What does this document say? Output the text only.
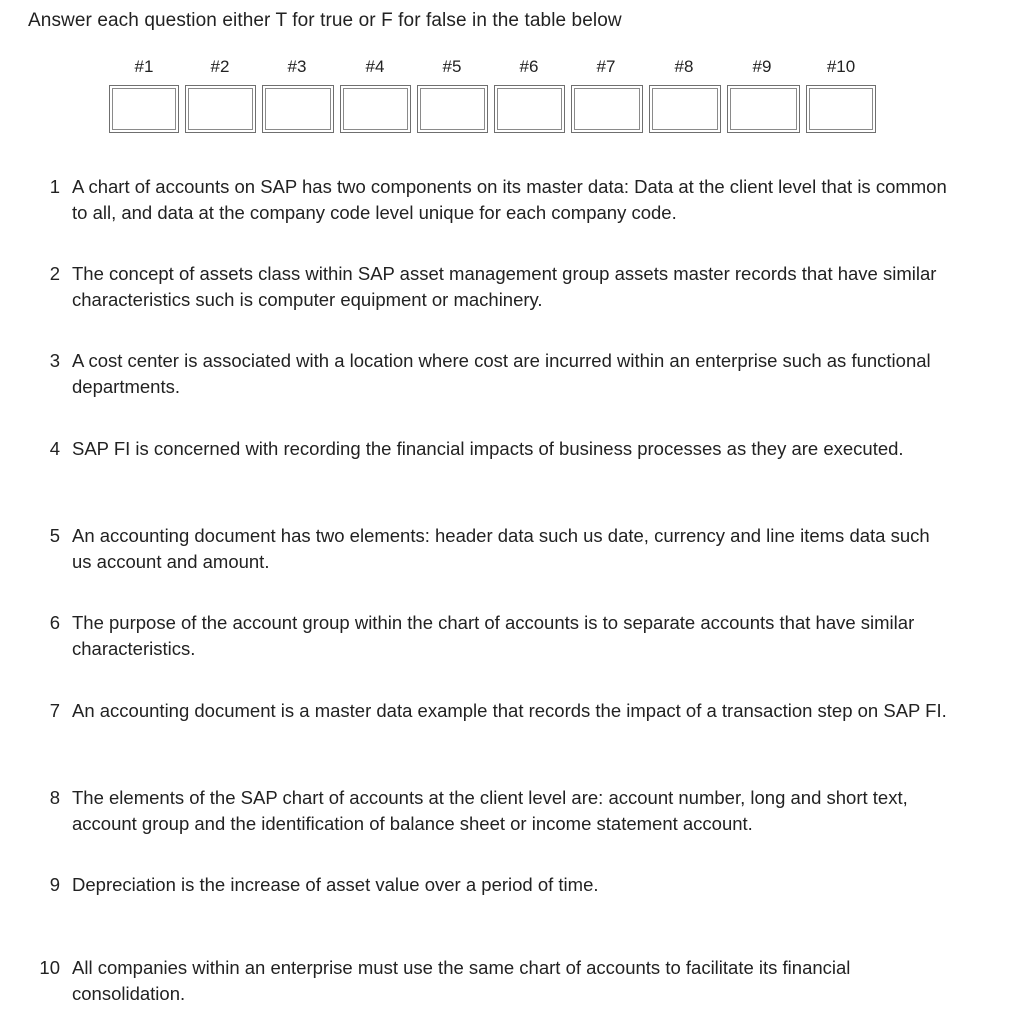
Answer each question either T for true or F for false in the table below
#1	#2	#3	#4	#5	#6	#7	#8	#9	#10
1 A chart of accounts on SAP has two components on its master data: Data at the client level that is common to all, and data at the company code level unique for each company code.
2 The concept of assets class within SAP asset management group assets master records that have similar characteristics such is computer equipment or machinery.
3 A cost center is associated with a location where cost are incurred within an enterprise such as functional departments.
4 SAP FI is concerned with recording the financial impacts of business processes as they are executed.
5 An accounting document has two elements: header data such us date, currency and line items data such us account and amount.
6 The purpose of the account group within the chart of accounts is to separate accounts that have similar characteristics.
7 An accounting document is a master data example that records the impact of a transaction step on SAP FI.
8 The elements of the SAP chart of accounts at the client level are: account number, long and short text, account group and the identification of balance sheet or income statement account.
9 Depreciation is the increase of asset value over a period of time.
10 All companies within an enterprise must use the same chart of accounts to facilitate its financial consolidation.
